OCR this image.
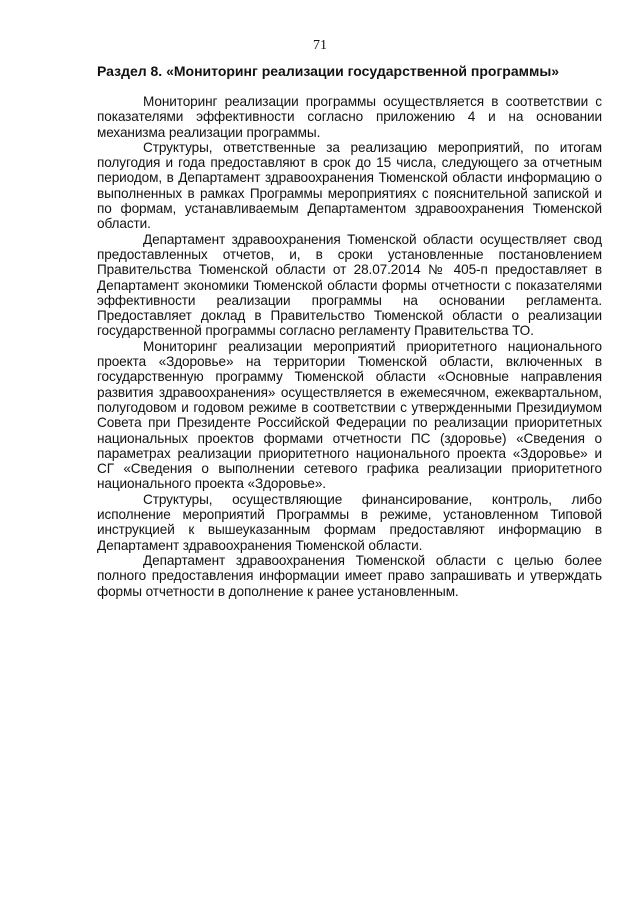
71
Раздел 8. «Мониторинг реализации государственной программы»

Мониторинг реализации программы осуществляется в соответствии с показателями эффективности согласно приложению 4 и на основании механизма реализации программы.

Структуры, ответственные за реализацию мероприятий, по итогам полугодия и года предоставляют в срок до 15 числа, следующего за отчетным периодом, в Департамент здравоохранения Тюменской области информацию о выполненных в рамках Программы мероприятиях с пояснительной запиской и по формам, устанавливаемым Департаментом здравоохранения Тюменской области.

Департамент здравоохранения Тюменской области осуществляет свод предоставленных отчетов, и, в сроки установленные постановлением Правительства Тюменской области от 28.07.2014 № 405-п предоставляет в Департамент экономики Тюменской области формы отчетности с показателями эффективности реализации программы на основании регламента. Предоставляет доклад в Правительство Тюменской области о реализации государственной программы согласно регламенту Правительства ТО.

Мониторинг реализации мероприятий приоритетного национального проекта «Здоровье» на территории Тюменской области, включенных в государственную программу Тюменской области «Основные направления развития здравоохранения» осуществляется в ежемесячном, ежеквартальном, полугодовом и годовом режиме в соответствии с утвержденными Президиумом Совета при Президенте Российской Федерации по реализации приоритетных национальных проектов формами отчетности ПС (здоровье) «Сведения о параметрах реализации приоритетного национального проекта «Здоровье» и СГ «Сведения о выполнении сетевого графика реализации приоритетного национального проекта «Здоровье».

Структуры, осуществляющие финансирование, контроль, либо исполнение мероприятий Программы в режиме, установленном Типовой инструкцией к вышеуказанным формам предоставляют информацию в Департамент здравоохранения Тюменской области.

Департамент здравоохранения Тюменской области с целью более полного предоставления информации имеет право запрашивать и утверждать формы отчетности в дополнение к ранее установленным.
